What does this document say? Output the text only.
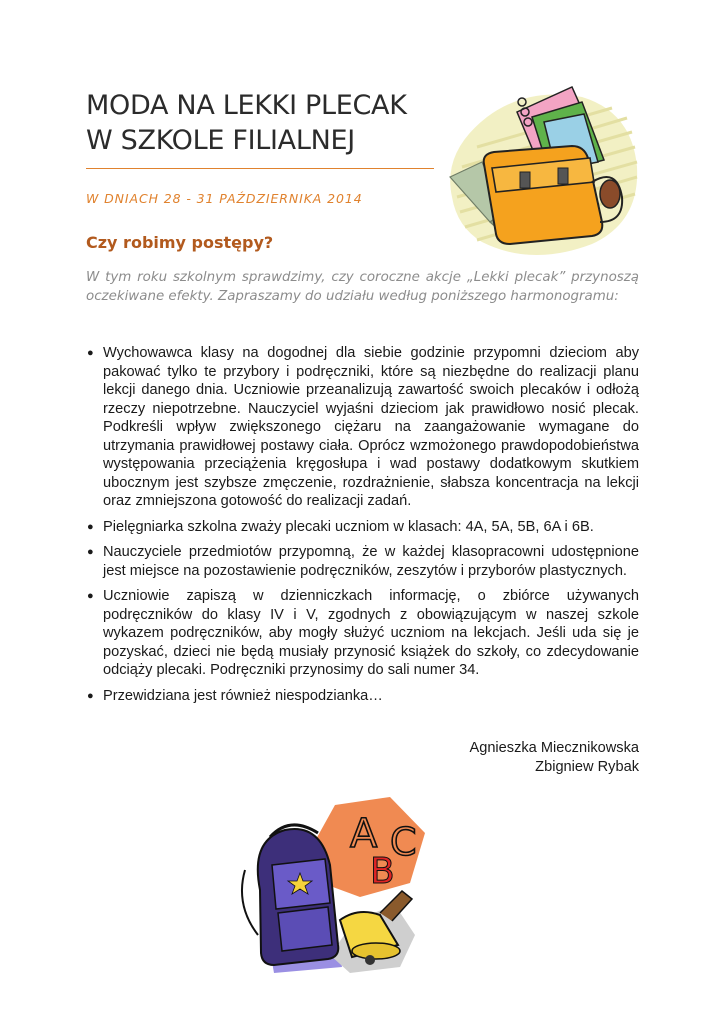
MODA NA LEKKI PLECAK
W SZKOLE FILIALNEJ
W DNIACH 28 - 31 PAŹDZIERNIKA 2014
Czy robimy postępy?

W tym roku szkolnym sprawdzimy, czy coroczne akcje „Lekki plecak” przynoszą oczekiwane efekty. Zapraszamy do udziału według poniższego harmonogramu:

● Wychowawca klasy na dogodnej dla siebie godzinie przypomni dzieciom aby pakować tylko te przybory i podręczniki, które są niezbędne do realizacji planu lekcji danego dnia. Uczniowie przeanalizują zawartość swoich plecaków i odłożą rzeczy niepotrzebne. Nauczyciel wyjaśni dzieciom jak prawidłowo nosić plecak. Podkreśli wpływ zwiększonego ciężaru na zaangażowanie wymagane do utrzymania prawidłowej postawy ciała. Oprócz wzmożonego prawdopodobieństwa występowania przeciążenia kręgosłupa i wad postawy dodatkowym skutkiem ubocznym jest szybsze zmęczenie, rozdrażnienie, słabsza koncentracja na lekcji oraz zmniejszona gotowość do realizacji zadań.
● Pielęgniarka szkolna zważy plecaki uczniom w klasach: 4A, 5A, 5B, 6A i 6B.
● Nauczyciele przedmiotów przypomną, że w każdej klasopracowni udostępnione jest miejsce na pozostawienie podręczników, zeszytów i przyborów plastycznych.
● Uczniowie zapiszą w dzienniczkach informację, o zbiórce używanych podręczników do klasy IV i V, zgodnych z obowiązującym w naszej szkole wykazem podręczników, aby mogły służyć uczniom na lekcjach. Jeśli uda się je pozyskać, dzieci nie będą musiały przynosić książek do szkoły, co zdecydowanie odciąży plecaki. Podręczniki przynosimy do sali numer 34.
● Przewidziana jest również niespodzianka…
Agnieszka Miecznikowska
Zbigniew Rybak
A
B
C
